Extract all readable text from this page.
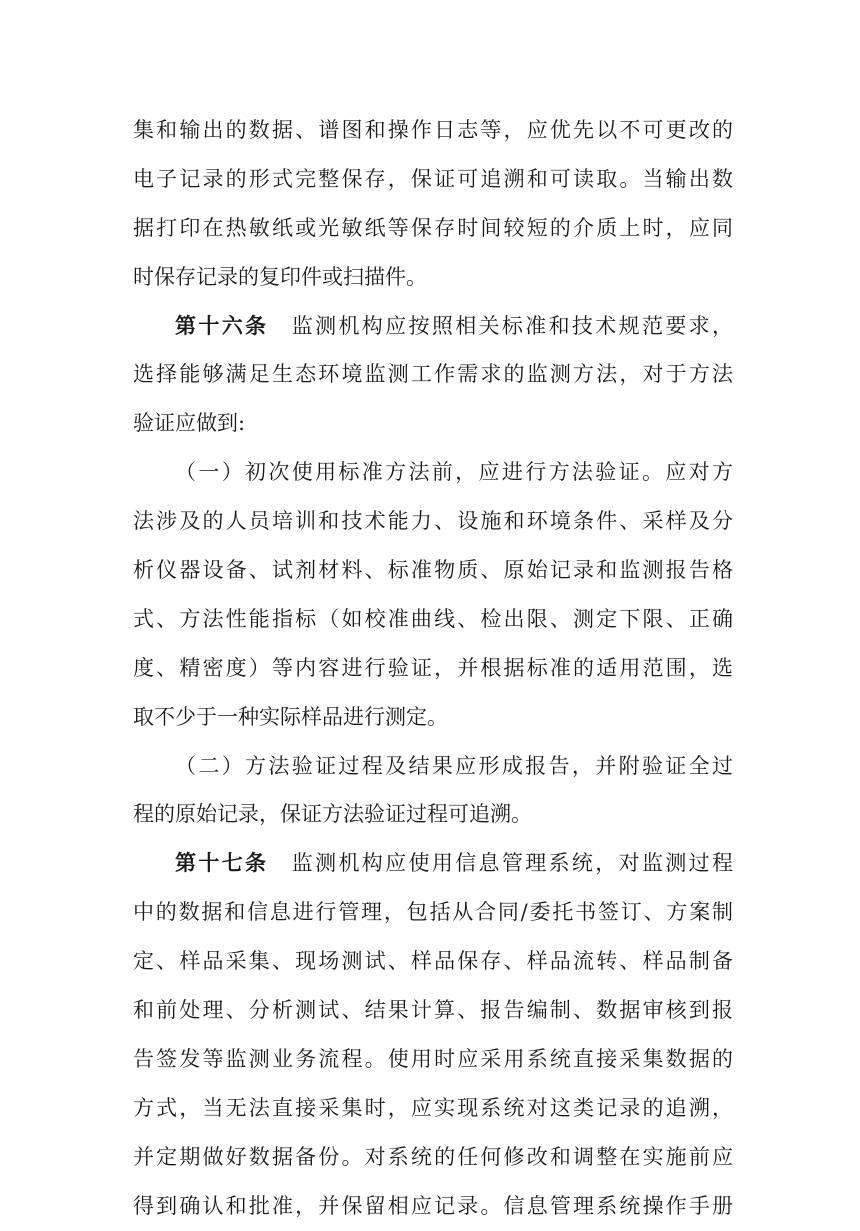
集和输出的数据、谱图和操作日志等，应优先以不可更改的
电子记录的形式完整保存，保证可追溯和可读取。当输出数
据打印在热敏纸或光敏纸等保存时间较短的介质上时，应同
时保存记录的复印件或扫描件。
第十六条　监测机构应按照相关标准和技术规范要求，
选择能够满足生态环境监测工作需求的监测方法，对于方法
验证应做到:
（一）初次使用标准方法前，应进行方法验证。应对方
法涉及的人员培训和技术能力、设施和环境条件、采样及分
析仪器设备、试剂材料、标准物质、原始记录和监测报告格
式、方法性能指标（如校准曲线、检出限、测定下限、正确
度、精密度）等内容进行验证，并根据标准的适用范围，选
取不少于一种实际样品进行测定。
（二）方法验证过程及结果应形成报告，并附验证全过
程的原始记录，保证方法验证过程可追溯。
第十七条　监测机构应使用信息管理系统，对监测过程
中的数据和信息进行管理，包括从合同/委托书签订、方案制
定、样品采集、现场测试、样品保存、样品流转、样品制备
和前处理、分析测试、结果计算、报告编制、数据审核到报
告签发等监测业务流程。使用时应采用系统直接采集数据的
方式，当无法直接采集时，应实现系统对这类记录的追溯，
并定期做好数据备份。对系统的任何修改和调整在实施前应
得到确认和批准，并保留相应记录。信息管理系统操作手册
